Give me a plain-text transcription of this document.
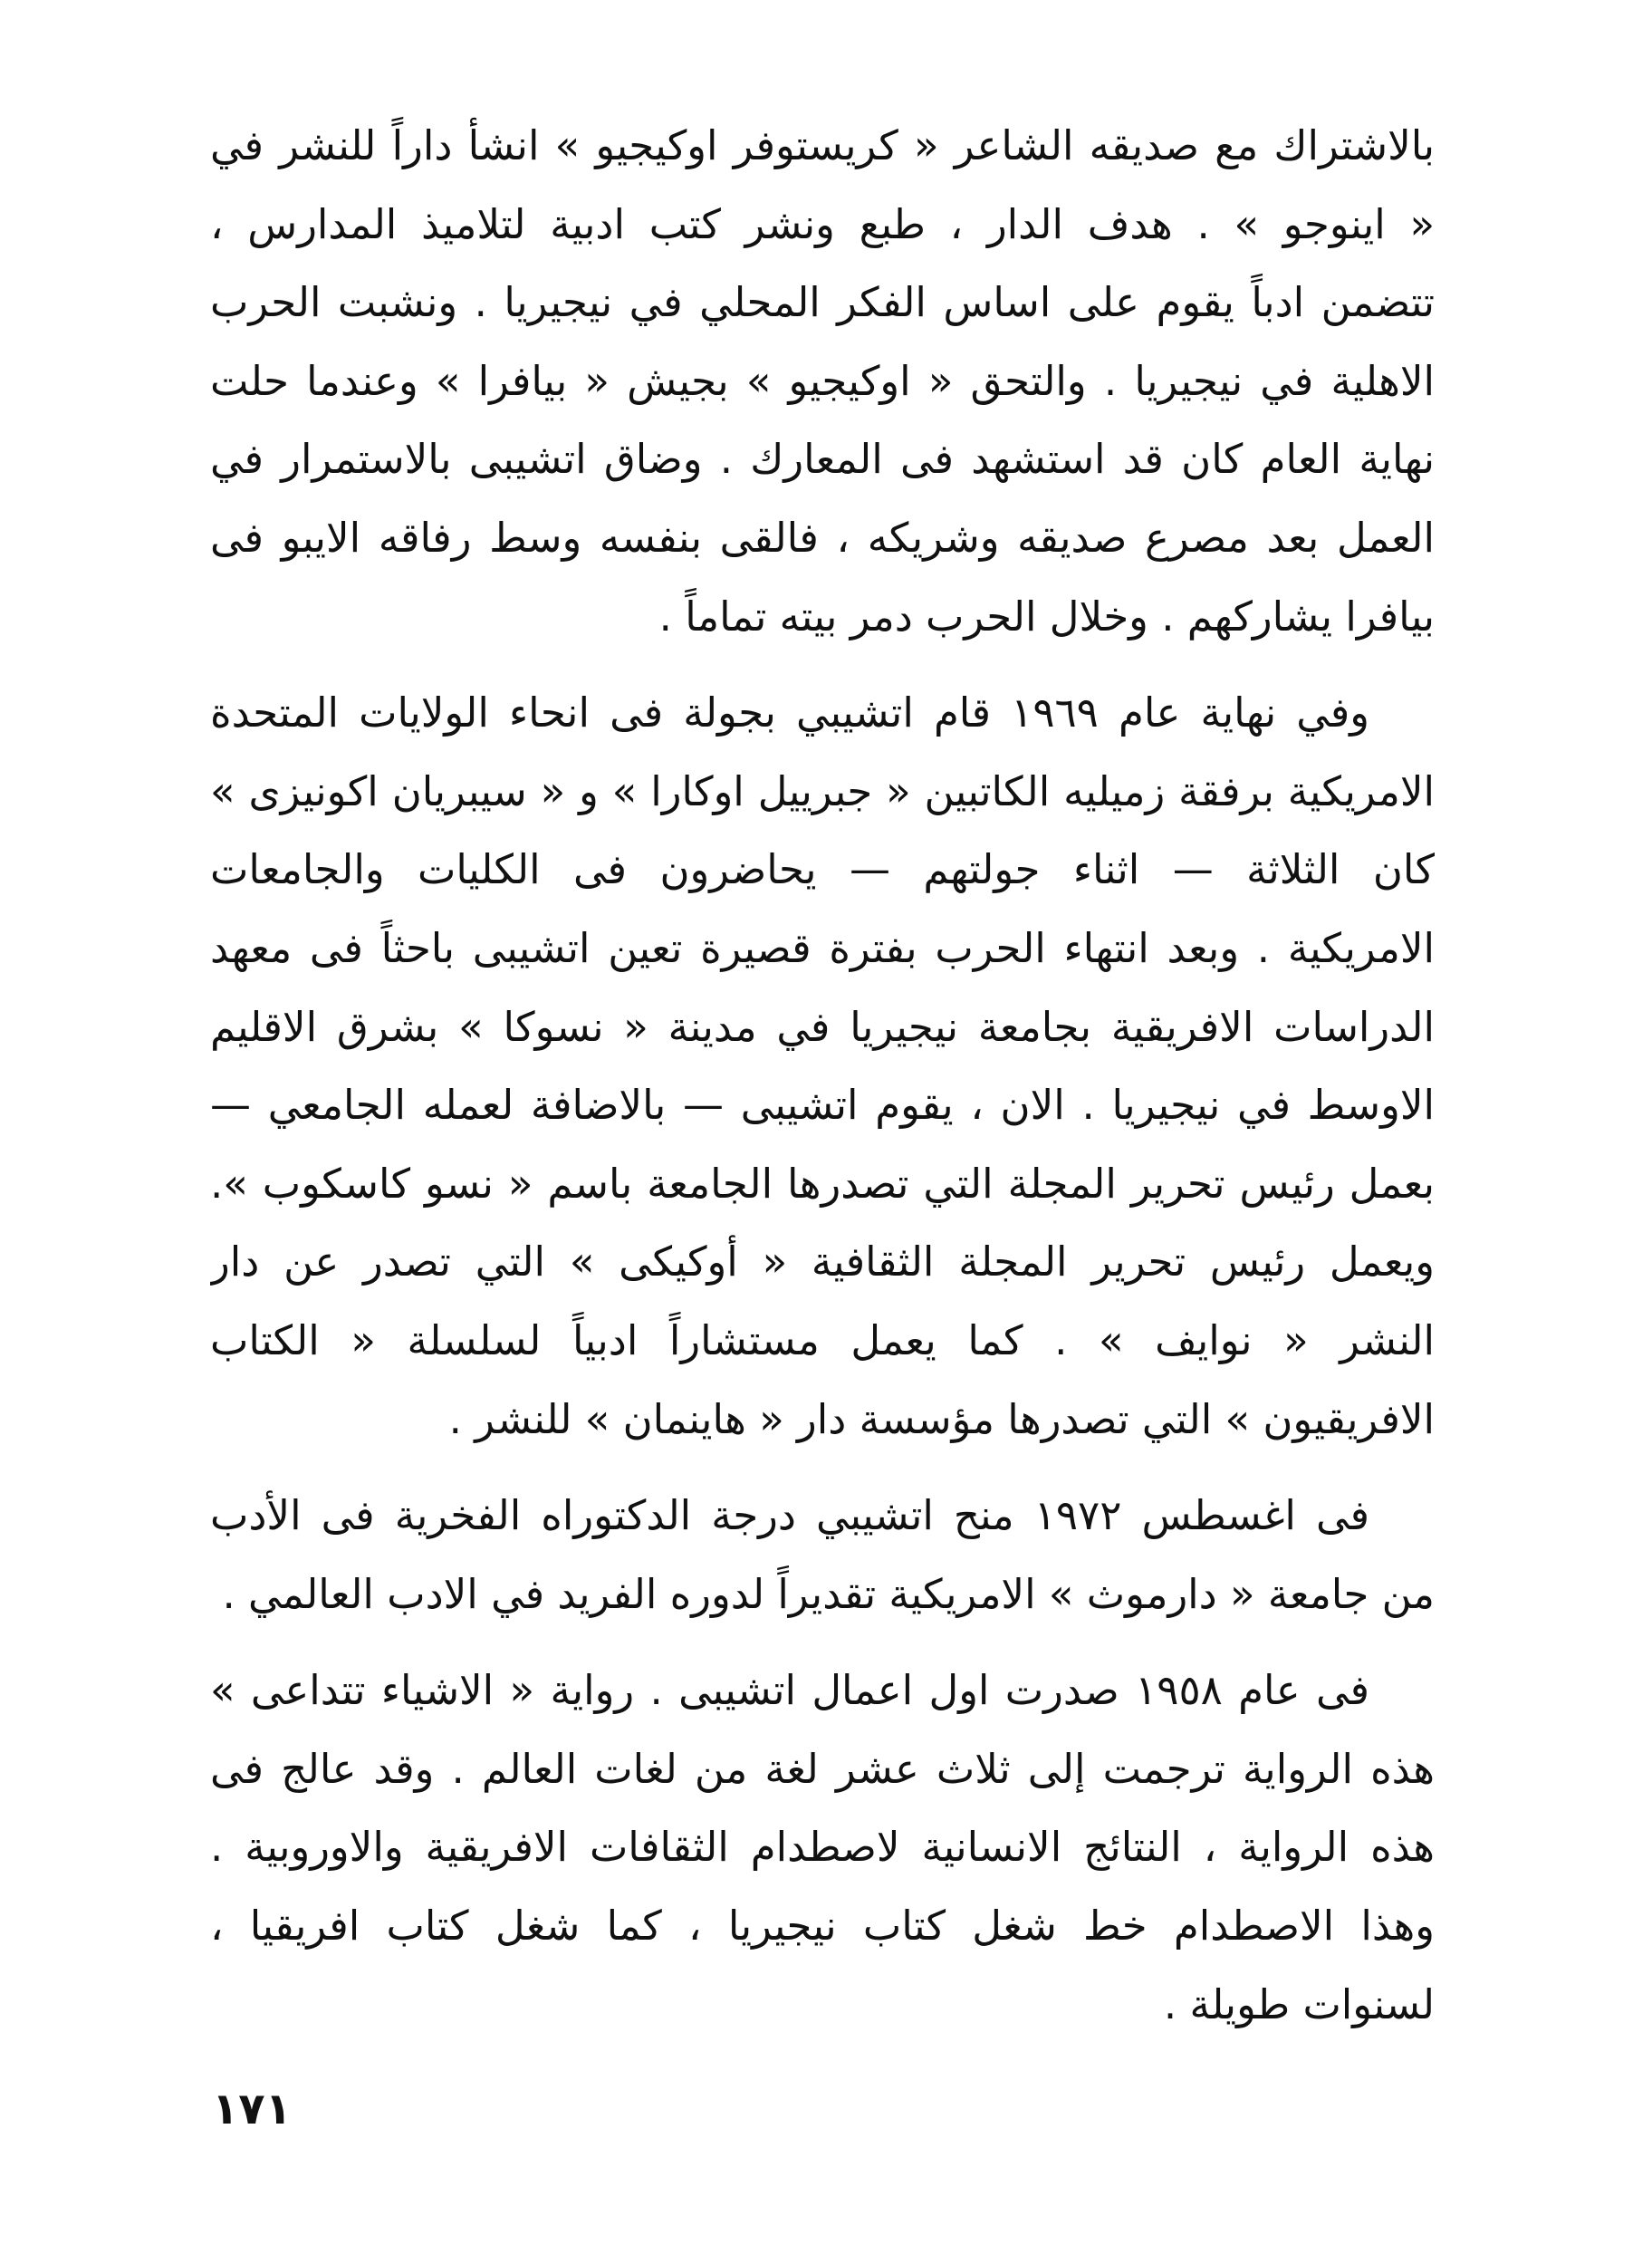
بالاشتراك مع صديقه الشاعر « كريستوفر اوكيجيو » انشأ داراً للنشر في
« اينوجو » . هدف الدار ، طبع ونشر كتب ادبية لتلاميذ المدارس ،
تتضمن ادباً يقوم على اساس الفكر المحلي في نيجيريا . ونشبت الحرب
الاهلية في نيجيريا . والتحق « اوكيجيو » بجيش « بيافرا » وعندما حلت
نهاية العام كان قد استشهد فى المعارك . وضاق اتشيبى بالاستمرار في
العمل بعد مصرع صديقه وشريكه ، فالقى بنفسه وسط رفاقه الايبو فى
بيافرا يشاركهم . وخلال الحرب دمر بيته تماماً .

وفي نهاية عام ١٩٦٩ قام اتشيبي بجولة فى انحاء الولايات المتحدة
الامريكية برفقة زميليه الكاتبين « جبرييل اوكارا » و « سيبريان اكونيزى »
كان الثلاثة — اثناء جولتهم — يحاضرون فى الكليات والجامعات
الامريكية . وبعد انتهاء الحرب بفترة قصيرة تعين اتشيبى باحثاً فى معهد
الدراسات الافريقية بجامعة نيجيريا في مدينة « نسوكا » بشرق الاقليم
الاوسط في نيجيريا . الان ، يقوم اتشيبى — بالاضافة لعمله الجامعي —
بعمل رئيس تحرير المجلة التي تصدرها الجامعة باسم « نسو كاسكوب ».
ويعمل رئيس تحرير المجلة الثقافية « أوكيكى » التي تصدر عن دار
النشر « نوايف » . كما يعمل مستشاراً ادبياً لسلسلة « الكتاب
الافريقيون » التي تصدرها مؤسسة دار « هاينمان » للنشر .

فى اغسطس ١٩٧٢ منح اتشيبي درجة الدكتوراه الفخرية فى الأدب
من جامعة « دارموث » الامريكية تقديراً لدوره الفريد في الادب العالمي .

فى عام ١٩٥٨ صدرت اول اعمال اتشيبى . رواية « الاشياء تتداعى »
هذه الرواية ترجمت إلى ثلاث عشر لغة من لغات العالم . وقد عالج فى
هذه الرواية ، النتائج الانسانية لاصطدام الثقافات الافريقية والاوروبية .
وهذا الاصطدام خط شغل كتاب نيجيريا ، كما شغل كتاب افريقيا ،
لسنوات طويلة .

١٧١
